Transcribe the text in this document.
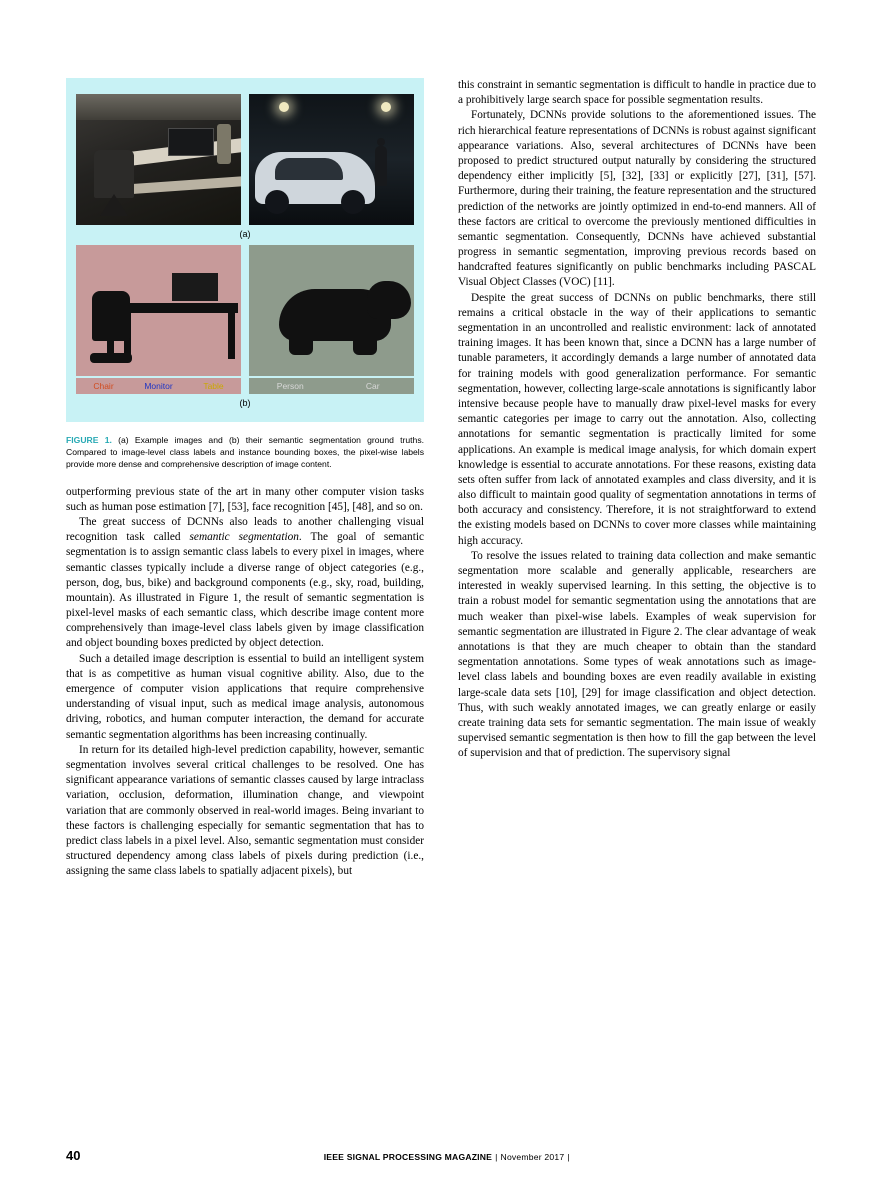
(a)
Chair	Monitor	Table	Person	Car
(b)
FIGURE 1. (a) Example images and (b) their semantic segmentation ground truths. Compared to image-level class labels and instance bounding boxes, the pixel-wise labels provide more dense and comprehensive description of image content.

outperforming previous state of the art in many other computer vision tasks such as human pose estimation [7], [53], face recognition [45], [48], and so on.

The great success of DCNNs also leads to another challenging visual recognition task called semantic segmentation. The goal of semantic segmentation is to assign semantic class labels to every pixel in images, where semantic classes typically include a diverse range of object categories (e.g., person, dog, bus, bike) and background components (e.g., sky, road, building, mountain). As illustrated in Figure 1, the result of semantic segmentation is pixel-level masks of each semantic class, which describe image content more comprehensively than image-level class labels given by image classification and object bounding boxes predicted by object detection.

Such a detailed image description is essential to build an intelligent system that is as competitive as human visual cognitive ability. Also, due to the emergence of computer vision applications that require comprehensive understanding of visual input, such as medical image analysis, autonomous driving, robotics, and human computer interaction, the demand for accurate semantic segmentation algorithms has been increasing continually.

In return for its detailed high-level prediction capability, however, semantic segmentation involves several critical challenges to be resolved. One has significant appearance variations of semantic classes caused by large intraclass variation, occlusion, deformation, illumination change, and viewpoint variation that are commonly observed in real-world images. Being invariant to these factors is challenging especially for semantic segmentation that has to predict class labels in a pixel level. Also, semantic segmentation must consider structured dependency among class labels of pixels during prediction (i.e., assigning the same class labels to spatially adjacent pixels), but

this constraint in semantic segmentation is difficult to handle in practice due to a prohibitively large search space for possible segmentation results.

Fortunately, DCNNs provide solutions to the aforementioned issues. The rich hierarchical feature representations of DCNNs is robust against significant appearance variations. Also, several architectures of DCNNs have been proposed to predict structured output naturally by considering the structured dependency either implicitly [5], [32], [33] or explicitly [27], [31], [57]. Furthermore, during their training, the feature representation and the structured prediction of the networks are jointly optimized in end-to-end manners. All of these factors are critical to overcome the previously mentioned difficulties in semantic segmentation. Consequently, DCNNs have achieved substantial progress in semantic segmentation, improving previous records based on handcrafted features significantly on public benchmarks including PASCAL Visual Object Classes (VOC) [11].

Despite the great success of DCNNs on public benchmarks, there still remains a critical obstacle in the way of their applications to semantic segmentation in an uncontrolled and realistic environment: lack of annotated training images. It has been known that, since a DCNN has a large number of tunable parameters, it accordingly demands a large number of annotated data for training models with good generalization performance. For semantic segmentation, however, collecting large-scale annotations is significantly labor intensive because people have to manually draw pixel-level masks for every semantic categories per image to carry out the annotation. Also, collecting annotations for semantic segmentation is practically limited for some applications. An example is medical image analysis, for which domain expert knowledge is essential to accurate annotations. For these reasons, existing data sets often suffer from lack of annotated examples and class diversity, and it is also difficult to maintain good quality of segmentation annotations in terms of both accuracy and consistency. Therefore, it is not straightforward to extend the existing models based on DCNNs to cover more classes while maintaining high accuracy.

To resolve the issues related to training data collection and make semantic segmentation more scalable and generally applicable, researchers are interested in weakly supervised learning. In this setting, the objective is to train a robust model for semantic segmentation using the annotations that are much weaker than pixel-wise labels. Examples of weak supervision for semantic segmentation are illustrated in Figure 2. The clear advantage of weak annotations is that they are much cheaper to obtain than the standard segmentation annotations. Some types of weak annotations such as image-level class labels and bounding boxes are even readily available in existing large-scale data sets [10], [29] for image classification and object detection. Thus, with such weakly annotated images, we can greatly enlarge or easily create training data sets for semantic segmentation. The main issue of weakly supervised semantic segmentation is then how to fill the gap between the level of supervision and that of prediction. The supervisory signal

40	IEEE SIGNAL PROCESSING MAGAZINE | November 2017 |
